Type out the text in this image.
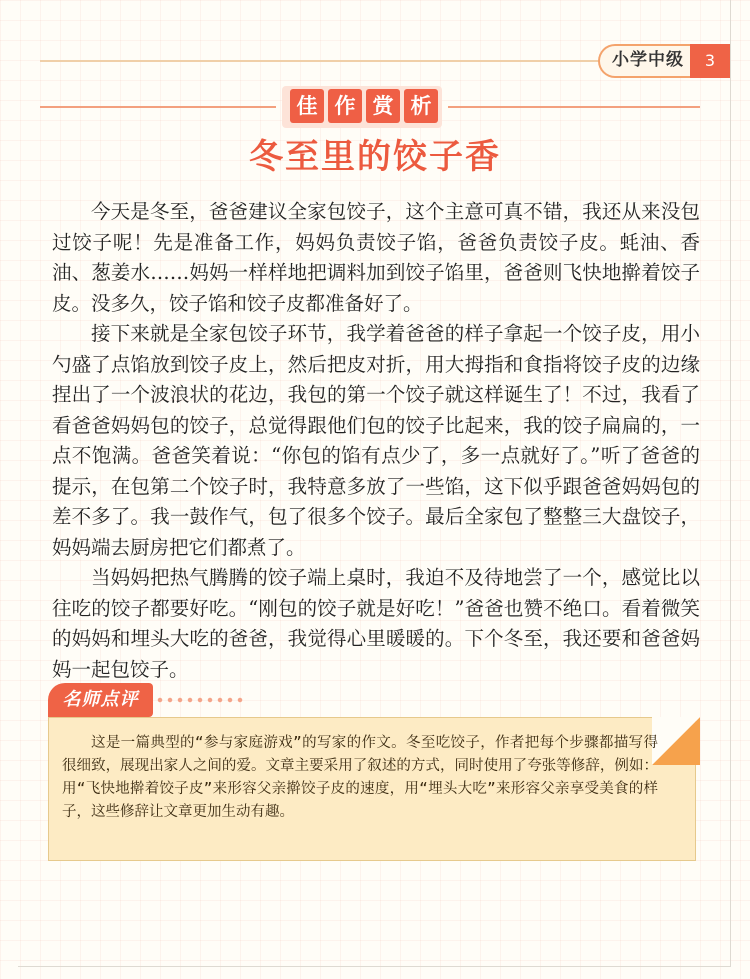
小学中级	3
佳 作 赏 析
冬至里的饺子香

今天是冬至，爸爸建议全家包饺子，这个主意可真不错，我还从来没包过饺子呢！先是准备工作，妈妈负责饺子馅，爸爸负责饺子皮。蚝油、香油、葱姜水……妈妈一样样地把调料加到饺子馅里，爸爸则飞快地擀着饺子皮。没多久，饺子馅和饺子皮都准备好了。

接下来就是全家包饺子环节，我学着爸爸的样子拿起一个饺子皮，用小勺盛了点馅放到饺子皮上，然后把皮对折，用大拇指和食指将饺子皮的边缘捏出了一个波浪状的花边，我包的第一个饺子就这样诞生了！不过，我看了看爸爸妈妈包的饺子，总觉得跟他们包的饺子比起来，我的饺子扁扁的，一点不饱满。爸爸笑着说：“你包的馅有点少了，多一点就好了。”听了爸爸的提示，在包第二个饺子时，我特意多放了一些馅，这下似乎跟爸爸妈妈包的差不多了。我一鼓作气，包了很多个饺子。最后全家包了整整三大盘饺子，妈妈端去厨房把它们都煮了。

当妈妈把热气腾腾的饺子端上桌时，我迫不及待地尝了一个，感觉比以往吃的饺子都要好吃。“刚包的饺子就是好吃！”爸爸也赞不绝口。看着微笑的妈妈和埋头大吃的爸爸，我觉得心里暖暖的。下个冬至，我还要和爸爸妈妈一起包饺子。

名师点评

这是一篇典型的“参与家庭游戏”的写家的作文。冬至吃饺子，作者把每个步骤都描写得很细致，展现出家人之间的爱。文章主要采用了叙述的方式，同时使用了夸张等修辞，例如：用“飞快地擀着饺子皮”来形容父亲擀饺子皮的速度，用“埋头大吃”来形容父亲享受美食的样子，这些修辞让文章更加生动有趣。
